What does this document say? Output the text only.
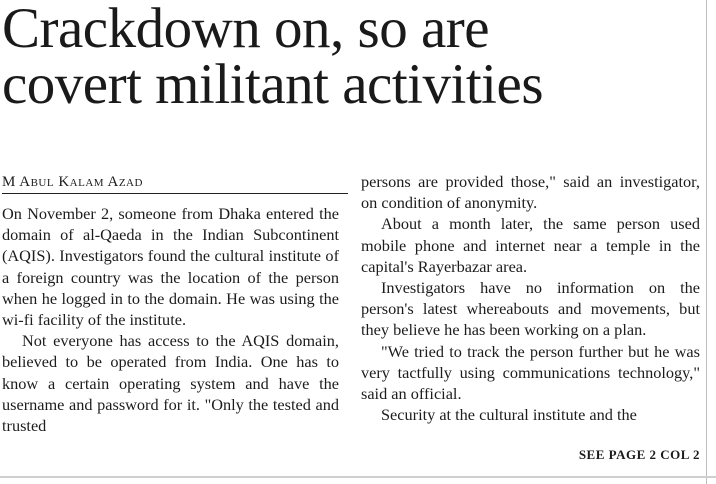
Crackdown on, so are
covert militant activities
M Abul Kalam Azad

On November 2, someone from Dhaka entered the domain of al-Qaeda in the Indian Subcontinent (AQIS). Investigators found the cultural institute of a foreign country was the location of the person when he logged in to the domain. He was using the wi-fi facility of the institute.

Not everyone has access to the AQIS domain, believed to be operated from India. One has to know a certain operating system and have the username and password for it. "Only the tested and trusted

persons are provided those," said an investigator, on condition of anonymity.

About a month later, the same person used mobile phone and internet near a temple in the capital's Rayerbazar area.

Investigators have no information on the person's latest whereabouts and movements, but they believe he has been working on a plan.

"We tried to track the person further but he was very tactfully using communications technology," said an official.

Security at the cultural institute and the

SEE PAGE 2 COL 2
